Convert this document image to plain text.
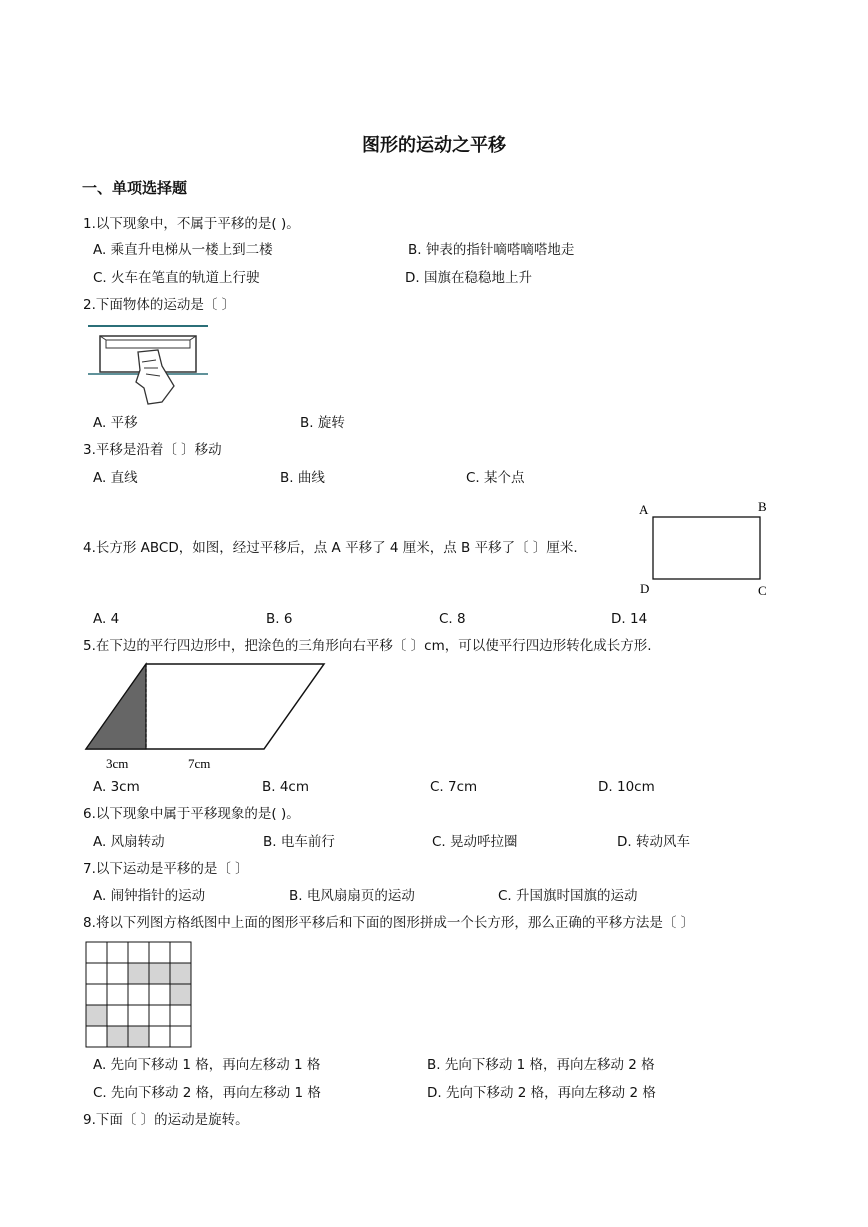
图形的运动之平移
一、单项选择题
1.以下现象中，不属于平移的是( )。
A. 乘直升电梯从一楼上到二楼	B. 钟表的指针嘀嗒嘀嗒地走
C. 火车在笔直的轨道上行驶	D. 国旗在稳稳地上升
2.下面物体的运动是〔 〕
A. 平移	B. 旋转
3.平移是沿着〔 〕移动
A. 直线	B. 曲线	C. 某个点
4.长方形 ABCD，如图，经过平移后，点 A 平移了 4 厘米，点 B 平移了〔 〕厘米.
A	B
C
D
A. 4	B. 6	C. 8	D. 14
5.在下边的平行四边形中，把涂色的三角形向右平移〔 〕cm，可以使平行四边形转化成长方形.
3cm	7cm
A. 3cm	B. 4cm	C. 7cm	D. 10cm
6.以下现象中属于平移现象的是( )。
A. 风扇转动	B. 电车前行	C. 晃动呼拉圈	D. 转动风车
7.以下运动是平移的是〔 〕
A. 闹钟指针的运动	B. 电风扇扇页的运动	C. 升国旗时国旗的运动
8.将以下列图方格纸图中上面的图形平移后和下面的图形拼成一个长方形，那么正确的平移方法是〔 〕
A. 先向下移动 1 格，再向左移动 1 格	B. 先向下移动 1 格，再向左移动 2 格
C. 先向下移动 2 格，再向左移动 1 格	D. 先向下移动 2 格，再向左移动 2 格
9.下面〔 〕的运动是旋转。
